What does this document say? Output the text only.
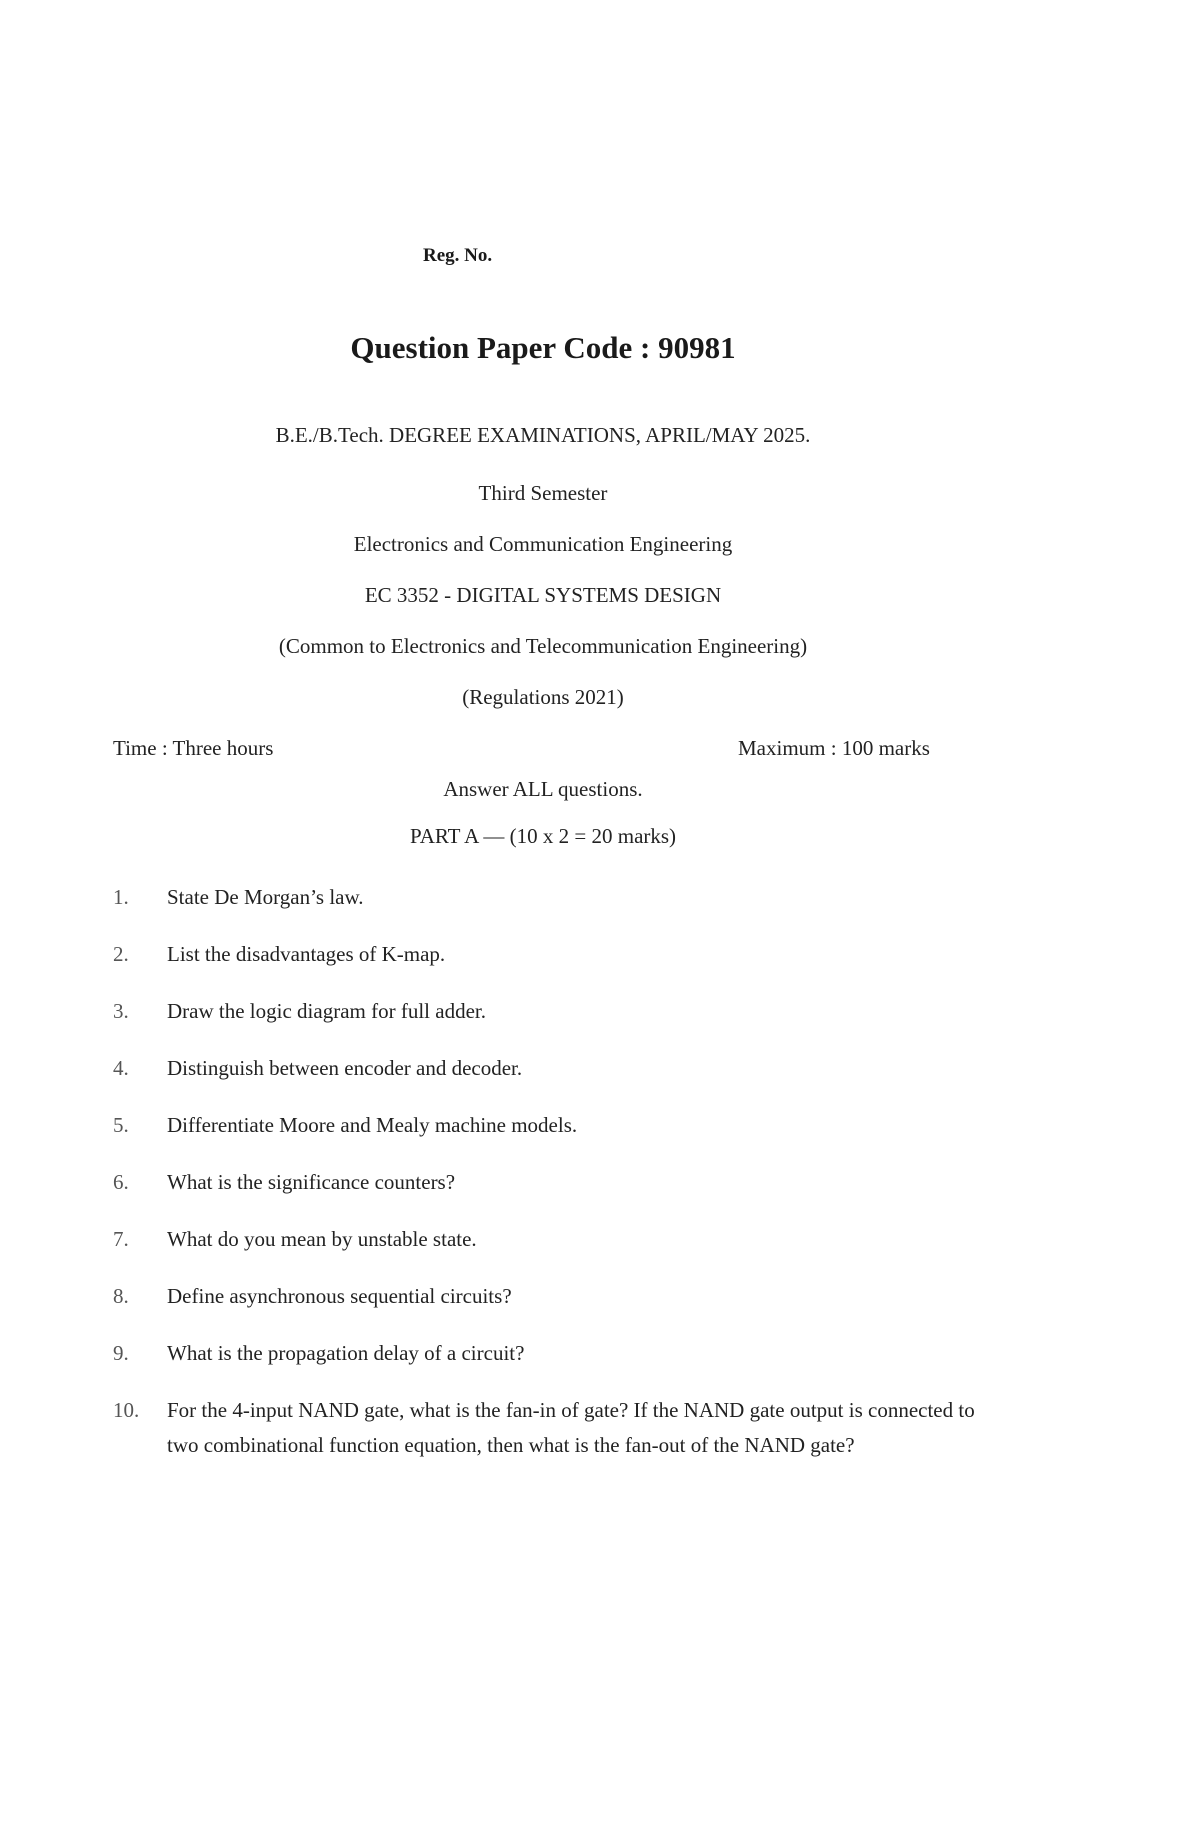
Reg. No.
Question Paper Code : 90981
B.E./B.Tech. DEGREE EXAMINATIONS, APRIL/MAY 2025.
Third Semester
Electronics and Communication Engineering
EC 3352 - DIGITAL SYSTEMS DESIGN
(Common to Electronics and Telecommunication Engineering)
(Regulations 2021)
Time : Three hours	Maximum : 100 marks
Answer ALL questions.
PART A — (10 x 2 = 20 marks)
1.	State De Morgan’s law.
2.	List the disadvantages of K-map.
3.	Draw the logic diagram for full adder.
4.	Distinguish between encoder and decoder.
5.	Differentiate Moore and Mealy machine models.
6.	What is the significance counters?
7.	What do you mean by unstable state.
8.	Define asynchronous sequential circuits?
9.	What is the propagation delay of a circuit?
10.	For the 4-input NAND gate, what is the fan-in of gate? If the NAND gate output is connected to two combinational function equation, then what is the fan-out of the NAND gate?
